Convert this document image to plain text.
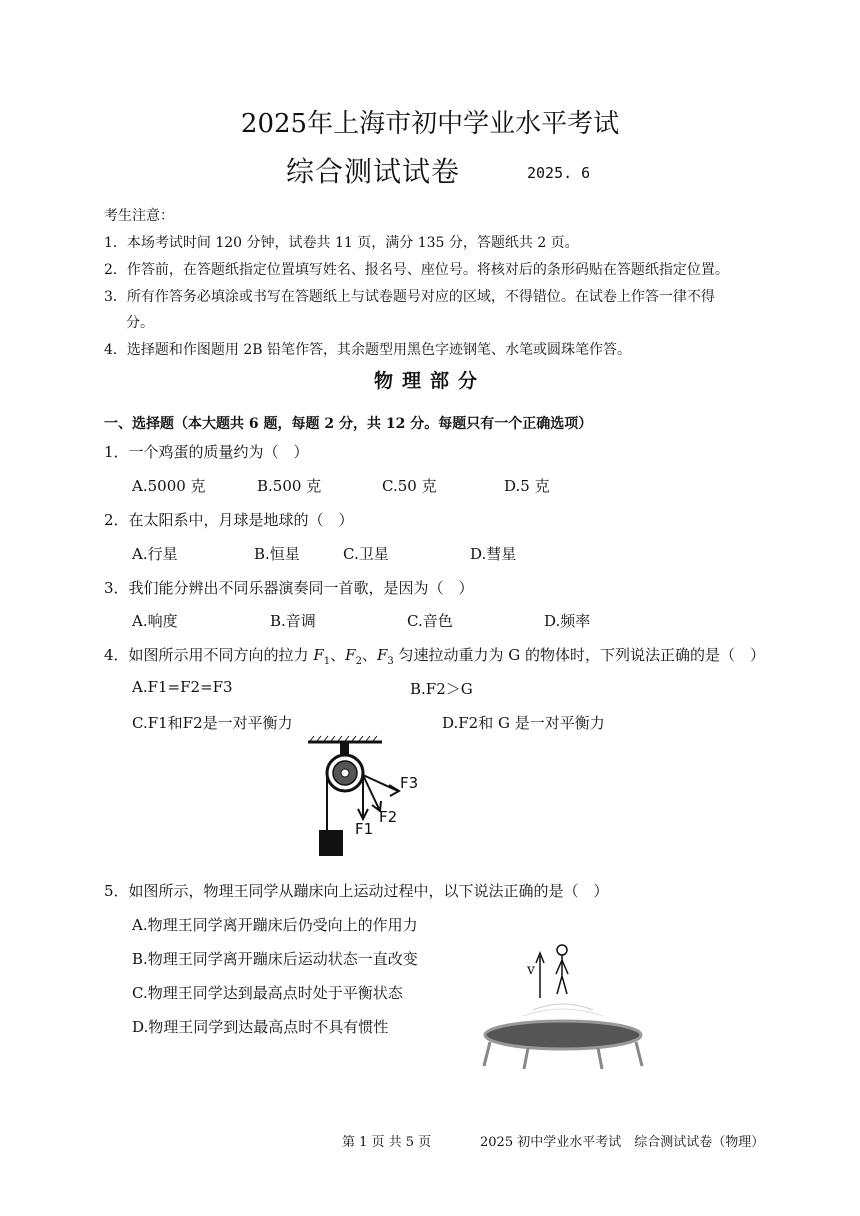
2025年上海市初中学业水平考试
综合测试试卷	2025. 6
考生注意：
1．本场考试时间 120 分钟，试卷共 11 页，满分 135 分，答题纸共 2 页。
2．作答前，在答题纸指定位置填写姓名、报名号、座位号。将核对后的条形码贴在答题纸指定位置。
3．所有作答务必填涂或书写在答题纸上与试卷题号对应的区域，不得错位。在试卷上作答一律不得
分。
4．选择题和作图题用 2B 铅笔作答，其余题型用黑色字迹钢笔、水笔或圆珠笔作答。
物理部分
一、选择题（本大题共 6 题，每题 2 分，共 12 分。每题只有一个正确选项）
1．一个鸡蛋的质量约为（　）
A.5000 克	B.500 克	C.50 克	D.5 克
2．在太阳系中，月球是地球的（　）
A.行星	B.恒星	C.卫星	D.彗星
3．我们能分辨出不同乐器演奏同一首歌，是因为（　）
A.响度	B.音调	C.音色	D.频率
4．如图所示用不同方向的拉力 $F_1$、$F_2$、$F_3$ 匀速拉动重力为 G 的物体时，下列说法正确的是（　）
A.F1=F2=F3	B.F2＞G
C.F1和F2是一对平衡力	D.F2和 G 是一对平衡力
F3
F2
F1
5．如图所示，物理王同学从蹦床向上运动过程中，以下说法正确的是（　）
A.物理王同学离开蹦床后仍受向上的作用力
B.物理王同学离开蹦床后运动状态一直改变
C.物理王同学达到最高点时处于平衡状态
D.物理王同学到达最高点时不具有惯性
v
第 1 页 共 5 页	2025 初中学业水平考试　综合测试试卷（物理）
